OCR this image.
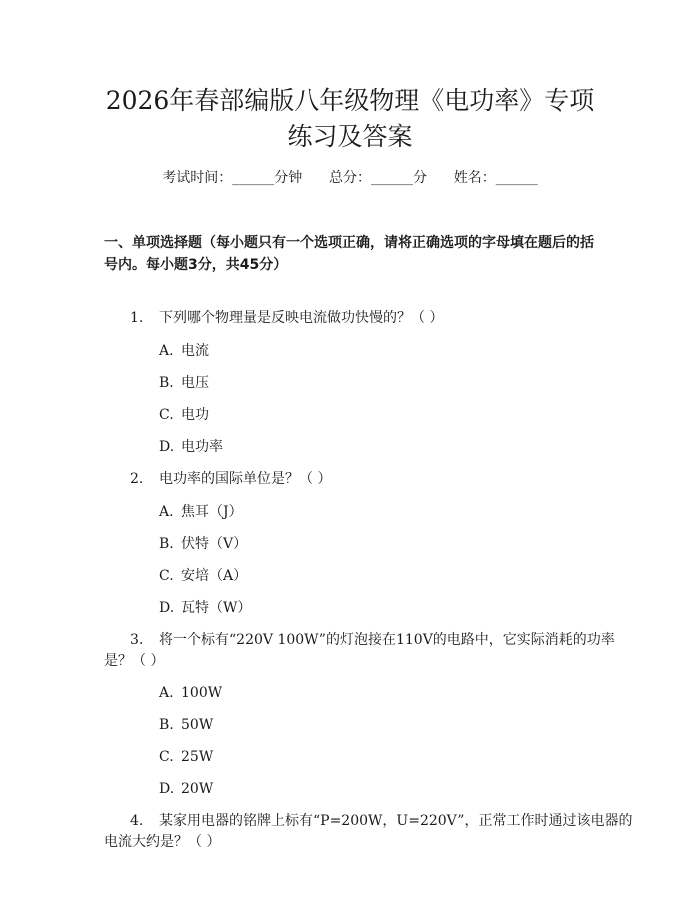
2026年春部编版八年级物理《电功率》专项
练习及答案
考试时间：______分钟 总分：______分 姓名：______
一、单项选择题（每小题只有一个选项正确，请将正确选项的字母填在题后的括
号内。每小题3分，共45分）
1. 下列哪个物理量是反映电流做功快慢的？（ ）
A. 电流
B. 电压
C. 电功
D. 电功率
2. 电功率的国际单位是？（ ）
A. 焦耳（J）
B. 伏特（V）
C. 安培（A）
D. 瓦特（W）
3. 将一个标有“220V 100W”的灯泡接在110V的电路中，它实际消耗的功率
是？（ ）
A. 100W
B. 50W
C. 25W
D. 20W
4. 某家用电器的铭牌上标有“P=200W，U=220V”，正常工作时通过该电器的
电流大约是？（ ）
